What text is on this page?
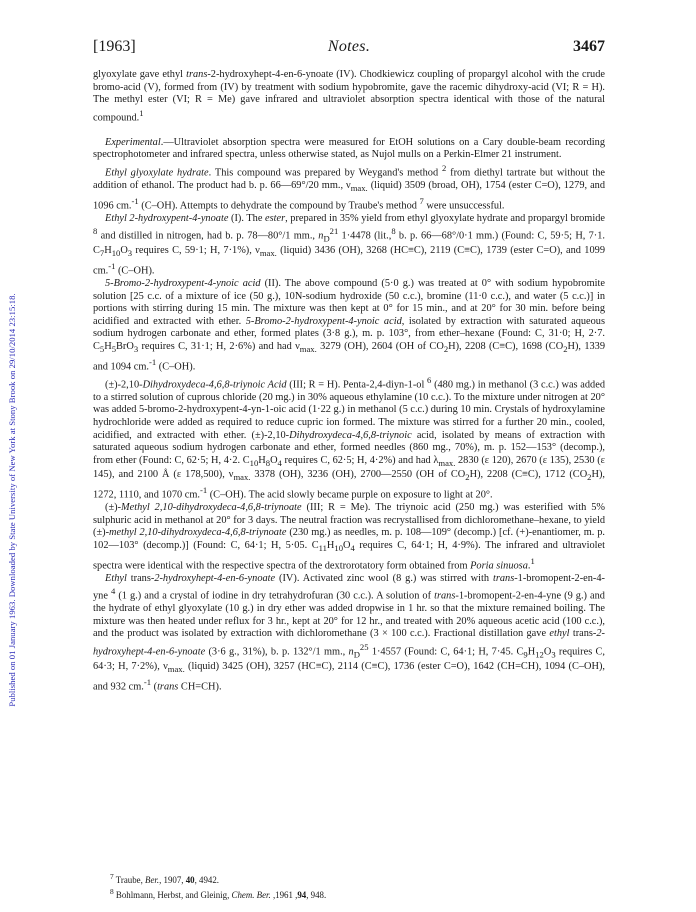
Published on 01 January 1963. Downloaded by State University of New York at Stony Brook on 29/10/2014 23:15:18.
[1963]	Notes.	3467

glyoxylate gave ethyl trans-2-hydroxyhept-4-en-6-ynoate (IV). Chodkiewicz coupling of propargyl alcohol with the crude bromo-acid (V), formed from (IV) by treatment with sodium hypobromite, gave the racemic dihydroxy-acid (VI; R = H). The methyl ester (VI; R = Me) gave infrared and ultraviolet absorption spectra identical with those of the natural compound.$^1$

Experimental.—Ultraviolet absorption spectra were measured for EtOH solutions on a Cary double-beam recording spectrophotometer and infrared spectra, unless otherwise stated, as Nujol mulls on a Perkin-Elmer 21 instrument.

Ethyl glyoxylate hydrate. This compound was prepared by Weygand's method $^2$ from diethyl tartrate but without the addition of ethanol. The product had b. p. 66—69°/20 mm., $\nu_{max.}$ (liquid) 3509 (broad, OH), 1754 (ester C=O), 1279, and 1096 cm.$^{-1}$ (C–OH). Attempts to dehydrate the compound by Traube's method $^7$ were unsuccessful.

Ethyl 2-hydroxypent-4-ynoate (I). The ester, prepared in 35% yield from ethyl glyoxylate hydrate and propargyl bromide $^8$ and distilled in nitrogen, had b. p. 78—80°/1 mm., $n_D^{21}$ 1·4478 (lit.,$^8$ b. p. 66—68°/0·1 mm.) (Found: C, 59·5; H, 7·1. $C_7H_{10}O_3$ requires C, 59·1; H, 7·1%), $\nu_{max.}$ (liquid) 3436 (OH), 3268 (HC≡C), 2119 (C≡C), 1739 (ester C=O), and 1099 cm.$^{-1}$ (C–OH).

5-Bromo-2-hydroxypent-4-ynoic acid (II). The above compound (5·0 g.) was treated at 0° with sodium hypobromite solution [25 c.c. of a mixture of ice (50 g.), 10N-sodium hydroxide (50 c.c.), bromine (11·0 c.c.), and water (5 c.c.)] in portions with stirring during 15 min. The mixture was then kept at 0° for 15 min., and at 20° for 30 min. before being acidified and extracted with ether. 5-Bromo-2-hydroxypent-4-ynoic acid, isolated by extraction with saturated aqueous sodium hydrogen carbonate and ether, formed plates (3·8 g.), m. p. 103°, from ether–hexane (Found: C, 31·0; H, 2·7. $C_5H_5BrO_3$ requires C, 31·1; H, 2·6%) and had $\nu_{max.}$ 3279 (OH), 2604 (OH of $CO_2H$), 2208 (C≡C), 1698 $(CO_2H)$, 1339 and 1094 cm.$^{-1}$ (C–OH).

(±)-2,10-Dihydroxydeca-4,6,8-triynoic Acid (III; R = H). Penta-2,4-diyn-1-ol $^6$ (480 mg.) in methanol (3 c.c.) was added to a stirred solution of cuprous chloride (20 mg.) in 30% aqueous ethylamine (10 c.c.). To the mixture under nitrogen at 20° was added 5-bromo-2-hydroxypent-4-yn-1-oic acid (1·22 g.) in methanol (5 c.c.) during 10 min. Crystals of hydroxylamine hydrochloride were added as required to reduce cupric ion formed. The mixture was stirred for a further 20 min., cooled, acidified, and extracted with ether. (±)-2,10-Dihydroxydeca-4,6,8-triynoic acid, isolated by means of extraction with saturated aqueous sodium hydrogen carbonate and ether, formed needles (860 mg., 70%), m. p. 152—153° (decomp.), from ether (Found: C, 62·5; H, 4·2. $C_{10}H_8O_4$ requires C, 62·5; H, 4·2%) and had $\lambda_{max.}$ 2830 (ε 120), 2670 (ε 135), 2530 (ε 145), and 2100 Å (ε 178,500), $\nu_{max.}$ 3378 (OH), 3236 (OH), 2700—2550 (OH of $CO_2H$), 2208 (C≡C), 1712 $(CO_2H)$, 1272, 1110, and 1070 cm.$^{-1}$ (C–OH). The acid slowly became purple on exposure to light at 20°.

(±)-Methyl 2,10-dihydroxydeca-4,6,8-triynoate (III; R = Me). The triynoic acid (250 mg.) was esterified with 5% sulphuric acid in methanol at 20° for 3 days. The neutral fraction was recrystallised from dichloromethane–hexane, to yield (±)-methyl 2,10-dihydroxydeca-4,6,8-triynoate (230 mg.) as needles, m. p. 108—109° (decomp.) [cf. (+)-enantiomer, m. p. 102—103° (decomp.)] (Found: C, 64·1; H, 5·05. $C_{11}H_{10}O_4$ requires C, 64·1; H, 4·9%). The infrared and ultraviolet spectra were identical with the respective spectra of the dextrorotatory form obtained from Poria sinuosa.$^1$

Ethyl trans-2-hydroxyhept-4-en-6-ynoate (IV). Activated zinc wool (8 g.) was stirred with trans-1-bromopent-2-en-4-yne $^4$ (1 g.) and a crystal of iodine in dry tetrahydrofuran (30 c.c.). A solution of trans-1-bromopent-2-en-4-yne (9 g.) and the hydrate of ethyl glyoxylate (10 g.) in dry ether was added dropwise in 1 hr. so that the mixture remained boiling. The mixture was then heated under reflux for 3 hr., kept at 20° for 12 hr., and treated with 20% aqueous acetic acid (100 c.c.), and the product was isolated by extraction with dichloromethane (3 × 100 c.c.). Fractional distillation gave ethyl trans-2-hydroxyhept-4-en-6-ynoate (3·6 g., 31%), b. p. 132°/1 mm., $n_D^{25}$ 1·4557 (Found: C, 64·1; H, 7·45. $C_9H_{12}O_3$ requires C, 64·3; H, 7·2%), $\nu_{max.}$ (liquid) 3425 (OH), 3257 (HC≡C), 2114 (C≡C), 1736 (ester C=O), 1642 (CH=CH), 1094 (C–OH), and 932 cm.$^{-1}$ (trans CH=CH).

$^7$ Traube, Ber., 1907, 40, 4942.
$^8$ Bohlmann, Herbst, and Gleinig, Chem. Ber. ,1961 ,94, 948.
